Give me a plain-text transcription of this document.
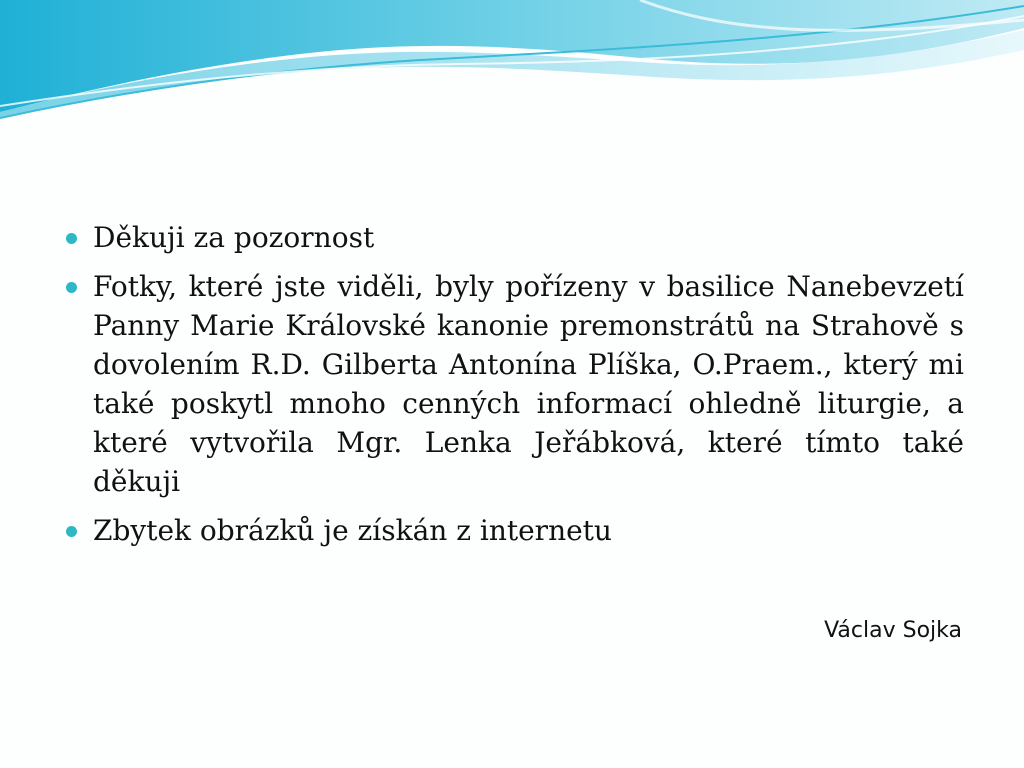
Děkuji za pozornost
Fotky, které jste viděli, byly pořízeny v basilice Nanebevzetí Panny Marie Královské kanonie premonstrátů na Strahově s dovolením R.D. Gilberta Antonína Plíška, O.Praem., který mi také poskytl mnoho cenných informací ohledně liturgie, a které vytvořila Mgr. Lenka Jeřábková, které tímto také děkuji
Zbytek obrázků je získán z internetu
Václav Sojka
